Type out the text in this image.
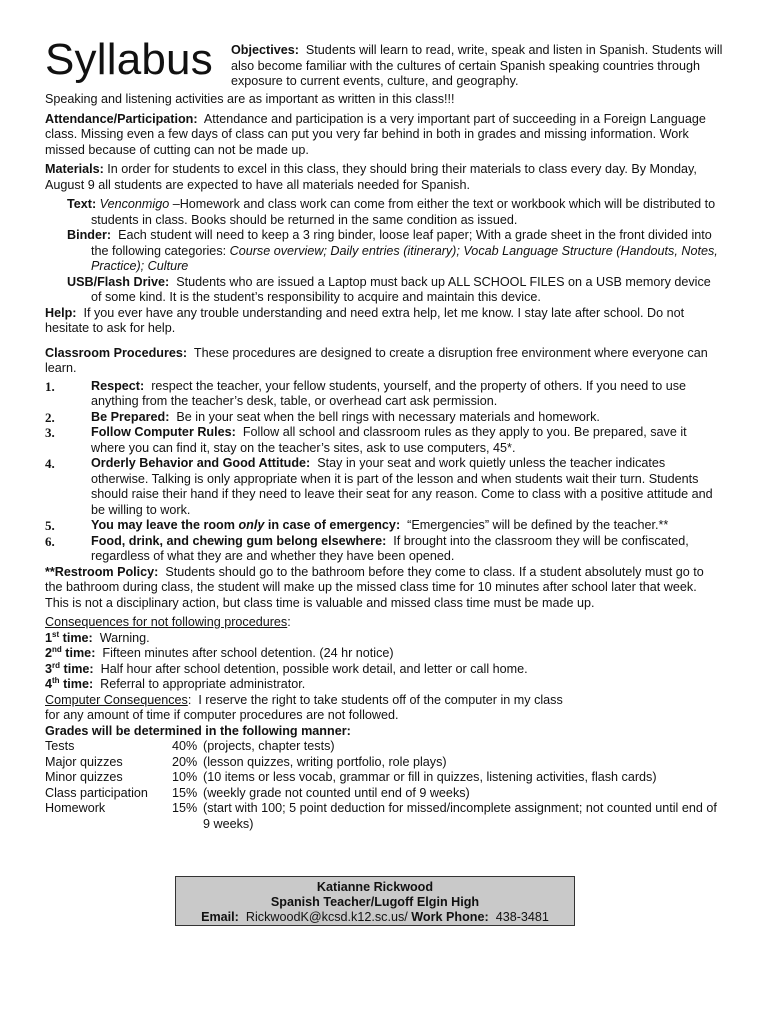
Syllabus Objectives: Students will learn to read, write, speak and listen in Spanish. Students will also become familiar with the cultures of certain Spanish speaking countries through exposure to current events, culture, and geography.

Speaking and listening activities are as important as written in this class!!!

Attendance/Participation: Attendance and participation is a very important part of succeeding in a Foreign Language class. Missing even a few days of class can put you very far behind in both in grades and missing information. Work missed because of cutting can not be made up.

Materials: In order for students to excel in this class, they should bring their materials to class every day. By Monday, August 9 all students are expected to have all materials needed for Spanish.

Text: Venconmigo –Homework and class work can come from either the text or workbook which will be distributed to students in class. Books should be returned in the same condition as issued.
Binder: Each student will need to keep a 3 ring binder, loose leaf paper; With a grade sheet in the front divided into the following categories: Course overview; Daily entries (itinerary); Vocab Language Structure (Handouts, Notes, Practice); Culture
USB/Flash Drive: Students who are issued a Laptop must back up ALL SCHOOL FILES on a USB memory device of some kind. It is the student’s responsibility to acquire and maintain this device.

Help: If you ever have any trouble understanding and need extra help, let me know. I stay late after school. Do not hesitate to ask for help.

Classroom Procedures: These procedures are designed to create a disruption free environment where everyone can learn.

1.	Respect: respect the teacher, your fellow students, yourself, and the property of others. If you need to use anything from the teacher’s desk, table, or overhead cart ask permission.
2.	Be Prepared: Be in your seat when the bell rings with necessary materials and homework.
3.	Follow Computer Rules: Follow all school and classroom rules as they apply to you. Be prepared, save it where you can find it, stay on the teacher’s sites, ask to use computers, 45*.
4.	Orderly Behavior and Good Attitude: Stay in your seat and work quietly unless the teacher indicates otherwise. Talking is only appropriate when it is part of the lesson and when students wait their turn. Students should raise their hand if they need to leave their seat for any reason. Come to class with a positive attitude and be willing to work.
5.	You may leave the room only in case of emergency: “Emergencies” will be defined by the teacher.**
6.	Food, drink, and chewing gum belong elsewhere: If brought into the classroom they will be confiscated, regardless of what they are and whether they have been opened.

**Restroom Policy: Students should go to the bathroom before they come to class. If a student absolutely must go to the bathroom during class, the student will make up the missed class time for 10 minutes after school later that week. This is not a disciplinary action, but class time is valuable and missed class time must be made up.

Consequences for not following procedures:

1st time: Warning.
2nd time: Fifteen minutes after school detention. (24 hr notice)
3rd time: Half hour after school detention, possible work detail, and letter or call home.
4th time: Referral to appropriate administrator.
Computer Consequences:  I reserve the right to take students off of the computer in my class
for any amount of time if computer procedures are not followed.
Grades will be determined in the following manner:
Tests	40%	(projects, chapter tests)
Major quizzes	20%	(lesson quizzes, writing portfolio, role plays)
Minor quizzes	10%	(10 items or less vocab, grammar or fill in quizzes, listening activities, flash cards)
Class participation	15%	(weekly grade not counted until end of 9 weeks)
Homework	15%	(start with 100; 5 point deduction for missed/incomplete assignment; not counted until end of 9 weeks)
Katianne Rickwood
Spanish Teacher/Lugoff Elgin High
Email: RickwoodK@kcsd.k12.sc.us/ Work Phone: 438-3481
